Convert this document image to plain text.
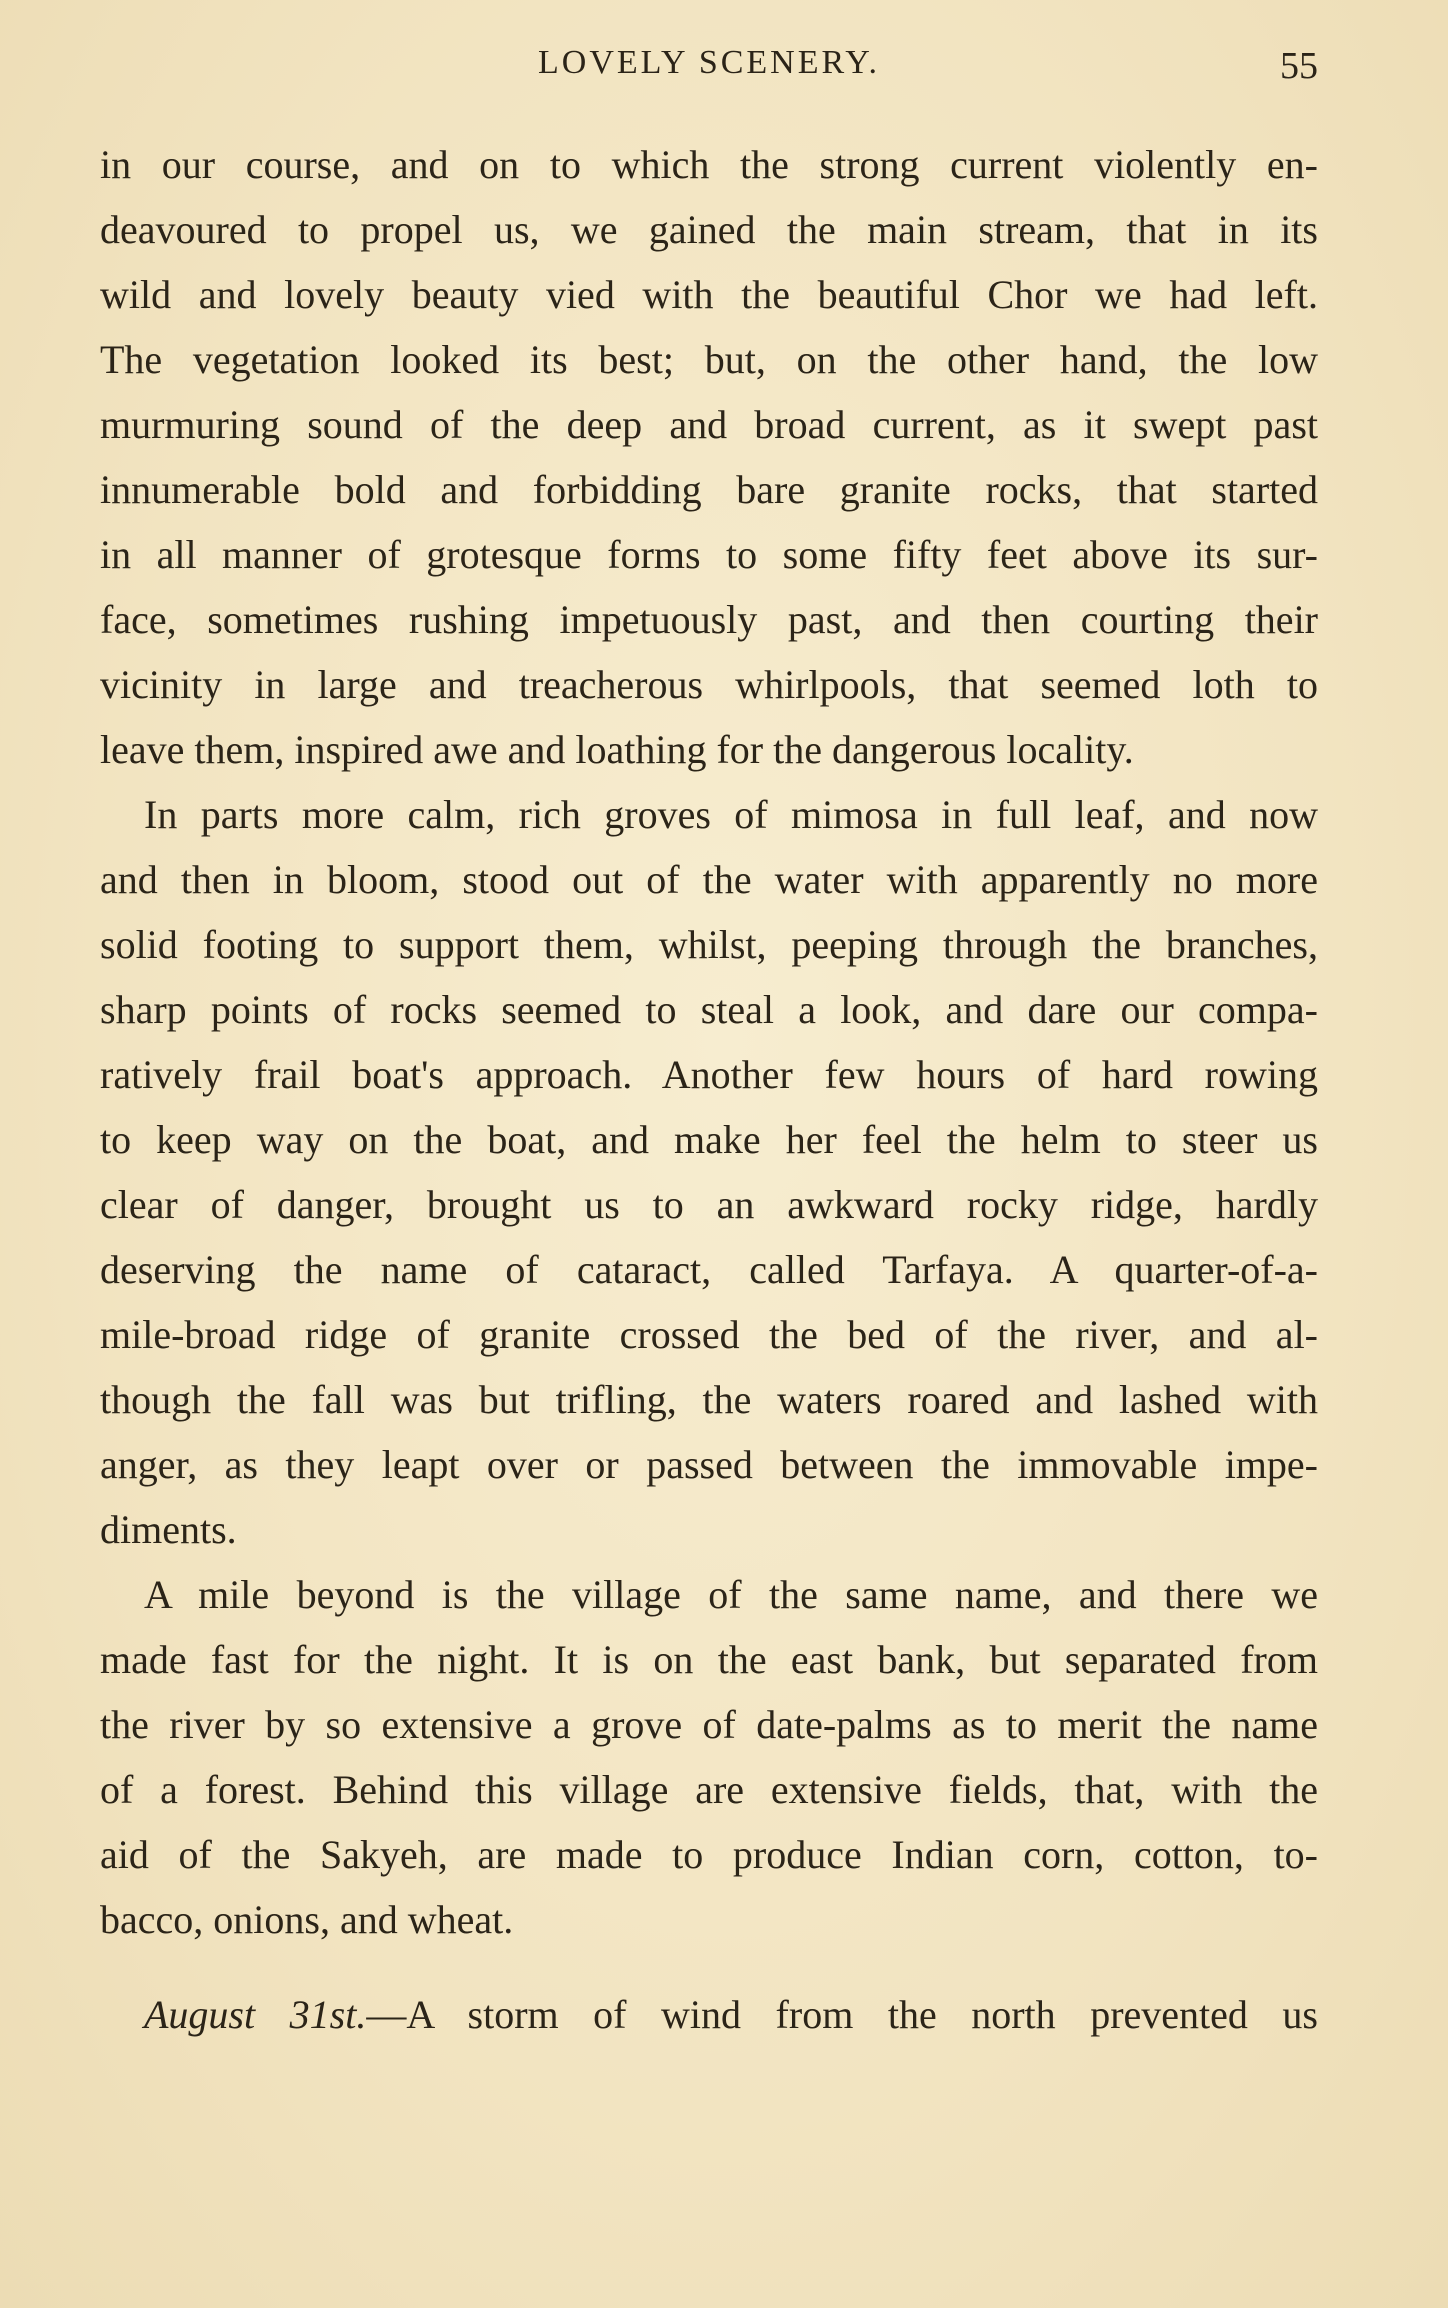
LOVELY SCENERY.	55
in our course, and on to which the strong current violently en-
deavoured to propel us, we gained the main stream, that in its
wild and lovely beauty vied with the beautiful Chor we had left.
The vegetation looked its best; but, on the other hand, the low
murmuring sound of the deep and broad current, as it swept past
innumerable bold and forbidding bare granite rocks, that started
in all manner of grotesque forms to some fifty feet above its sur-
face, sometimes rushing impetuously past, and then courting their
vicinity in large and treacherous whirlpools, that seemed loth to
leave them, inspired awe and loathing for the dangerous locality.
In parts more calm, rich groves of mimosa in full leaf, and now
and then in bloom, stood out of the water with apparently no more
solid footing to support them, whilst, peeping through the branches,
sharp points of rocks seemed to steal a look, and dare our compa-
ratively frail boat's approach. Another few hours of hard rowing
to keep way on the boat, and make her feel the helm to steer us
clear of danger, brought us to an awkward rocky ridge, hardly
deserving the name of cataract, called Tarfaya. A quarter-of-a-
mile-broad ridge of granite crossed the bed of the river, and al-
though the fall was but trifling, the waters roared and lashed with
anger, as they leapt over or passed between the immovable impe-
diments.
A mile beyond is the village of the same name, and there we
made fast for the night. It is on the east bank, but separated from
the river by so extensive a grove of date-palms as to merit the name
of a forest. Behind this village are extensive fields, that, with the
aid of the Sakyeh, are made to produce Indian corn, cotton, to-
bacco, onions, and wheat.
August 31st.—A storm of wind from the north prevented us
